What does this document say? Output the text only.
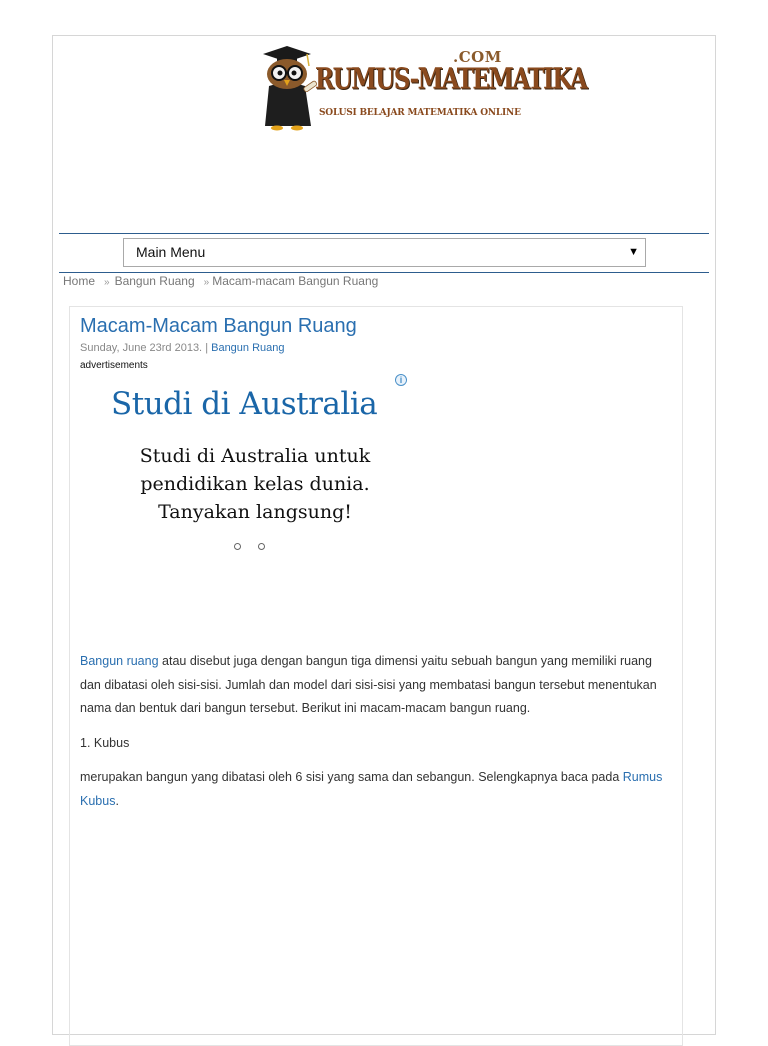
.COM
RUMUS-MATEMATIKA
SOLUSI BELAJAR MATEMATIKA ONLINE
Main Menu	▼
Home » Bangun Ruang » Macam-macam Bangun Ruang
Macam-Macam Bangun Ruang
Sunday, June 23rd 2013. | Bangun Ruang
advertisements
i
Studi di Australia
Studi di Australia untuk
pendidikan kelas dunia.
Tanyakan langsung!

Bangun ruang atau disebut juga dengan bangun tiga dimensi yaitu sebuah bangun yang memiliki ruang dan dibatasi oleh sisi-sisi. Jumlah dan model dari sisi-sisi yang membatasi bangun tersebut menentukan nama dan bentuk dari bangun tersebut. Berikut ini macam-macam bangun ruang.

1. Kubus

merupakan bangun yang dibatasi oleh 6 sisi yang sama dan sebangun. Selengkapnya baca pada Rumus Kubus.
